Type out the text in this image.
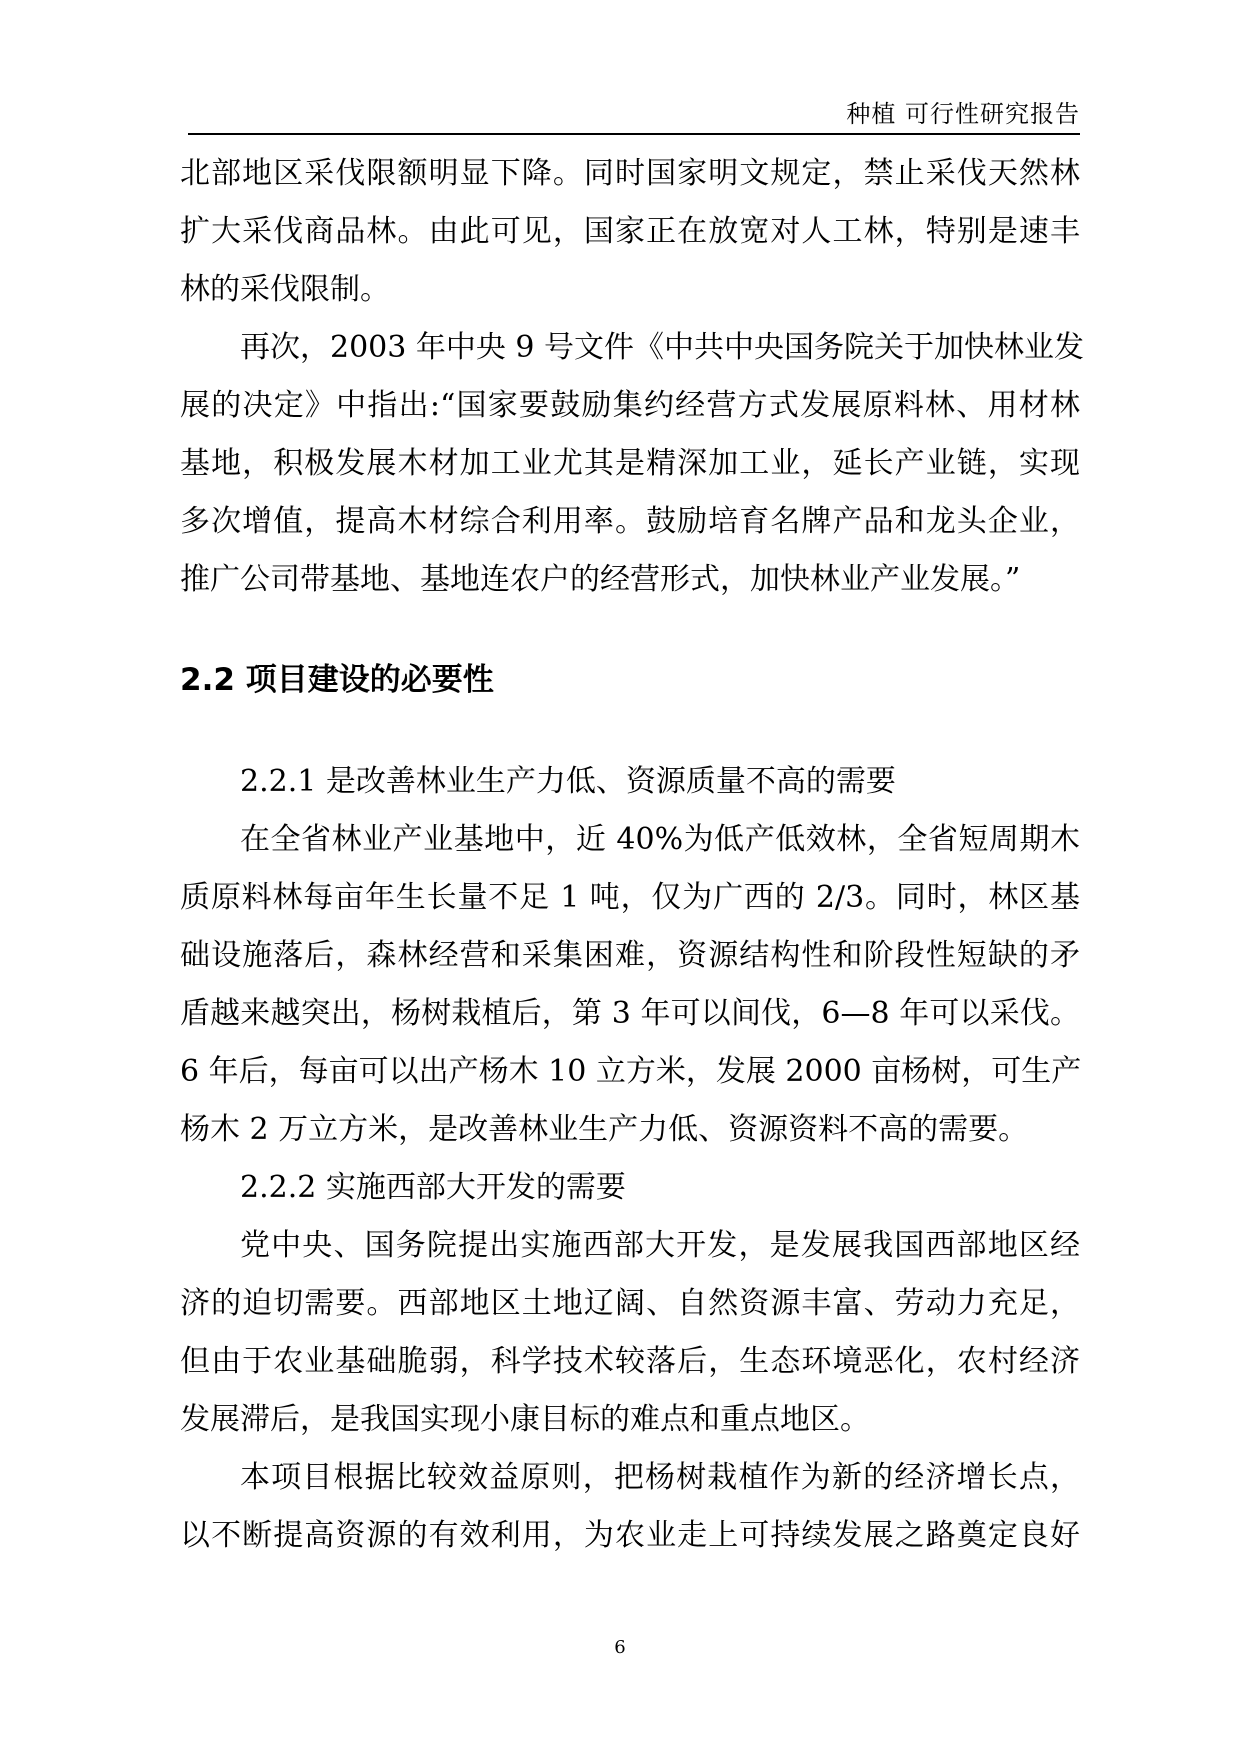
种植 可行性研究报告
北部地区采伐限额明显下降。同时国家明文规定，禁止采伐天然林
扩大采伐商品林。由此可见，国家正在放宽对人工林，特别是速丰
林的采伐限制。
再次，2003 年中央 9 号文件《中共中央国务院关于加快林业发
展的决定》中指出:“国家要鼓励集约经营方式发展原料林、用材林
基地，积极发展木材加工业尤其是精深加工业，延长产业链，实现
多次增值，提高木材综合利用率。鼓励培育名牌产品和龙头企业，
推广公司带基地、基地连农户的经营形式，加快林业产业发展。”
2.2 项目建设的必要性
2.2.1 是改善林业生产力低、资源质量不高的需要
在全省林业产业基地中，近 40%为低产低效林，全省短周期木
质原料林每亩年生长量不足 1 吨，仅为广西的 2/3。同时，林区基
础设施落后，森林经营和采集困难，资源结构性和阶段性短缺的矛
盾越来越突出，杨树栽植后，第 3 年可以间伐，6—8 年可以采伐。
6 年后，每亩可以出产杨木 10 立方米，发展 2000 亩杨树，可生产
杨木 2 万立方米，是改善林业生产力低、资源资料不高的需要。
2.2.2 实施西部大开发的需要
党中央、国务院提出实施西部大开发，是发展我国西部地区经
济的迫切需要。西部地区土地辽阔、自然资源丰富、劳动力充足，
但由于农业基础脆弱，科学技术较落后，生态环境恶化，农村经济
发展滞后，是我国实现小康目标的难点和重点地区。
本项目根据比较效益原则，把杨树栽植作为新的经济增长点，
以不断提高资源的有效利用，为农业走上可持续发展之路奠定良好
6
